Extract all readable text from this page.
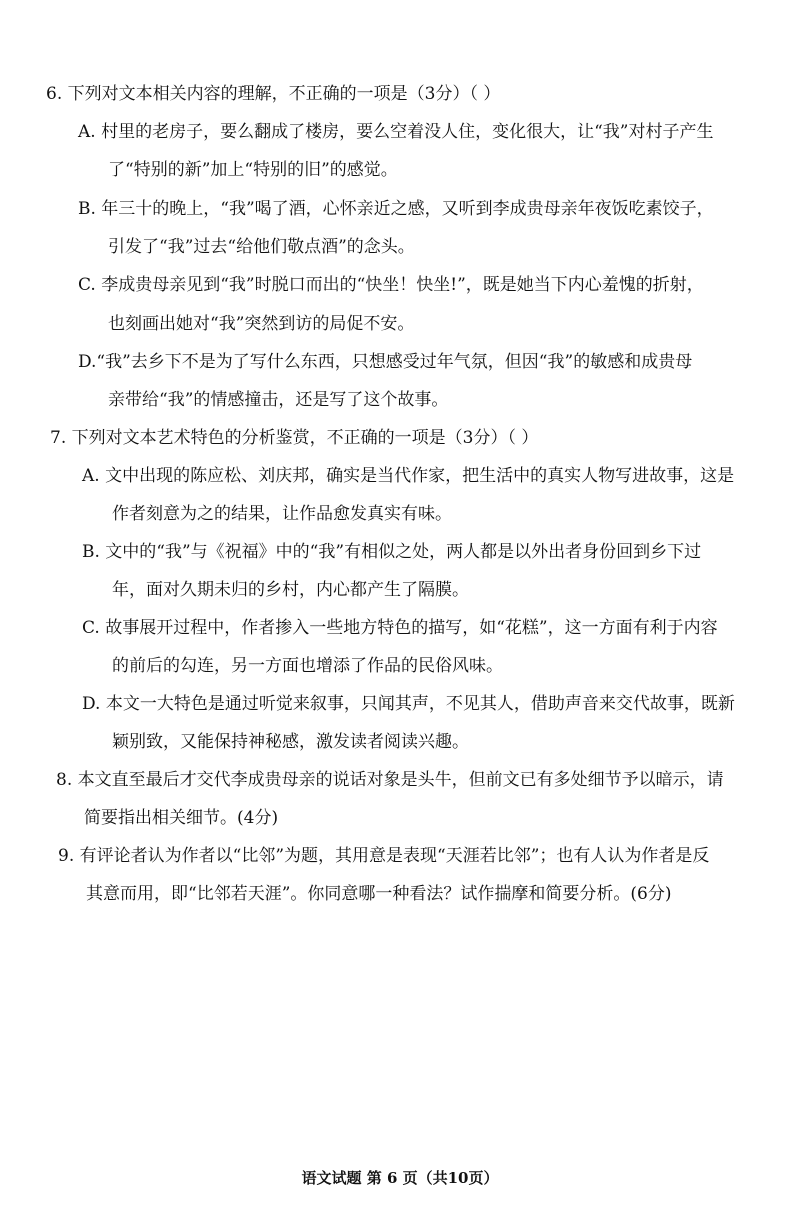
6. 下列对文本相关内容的理解，不正确的一项是（3分）（ ）
A. 村里的老房子，要么翻成了楼房，要么空着没人住，变化很大，让“我”对村子产生
了“特别的新”加上“特别的旧”的感觉。
B. 年三十的晚上，“我”喝了酒，心怀亲近之感，又听到李成贵母亲年夜饭吃素饺子，
引发了“我”过去“给他们敬点酒”的念头。
C. 李成贵母亲见到“我”时脱口而出的“快坐！快坐!”，既是她当下内心羞愧的折射，
也刻画出她对“我”突然到访的局促不安。
D.“我”去乡下不是为了写什么东西，只想感受过年气氛，但因“我”的敏感和成贵母
亲带给“我”的情感撞击，还是写了这个故事。
7. 下列对文本艺术特色的分析鉴赏，不正确的一项是（3分）（ ）
A. 文中出现的陈应松、刘庆邦，确实是当代作家，把生活中的真实人物写进故事，这是
作者刻意为之的结果，让作品愈发真实有味。
B. 文中的“我”与《祝福》中的“我”有相似之处，两人都是以外出者身份回到乡下过
年，面对久期未归的乡村，内心都产生了隔膜。
C. 故事展开过程中，作者掺入一些地方特色的描写，如“花糕”，这一方面有利于内容
的前后的勾连，另一方面也增添了作品的民俗风味。
D. 本文一大特色是通过听觉来叙事，只闻其声，不见其人，借助声音来交代故事，既新
颖别致，又能保持神秘感，激发读者阅读兴趣。
8. 本文直至最后才交代李成贵母亲的说话对象是头牛，但前文已有多处细节予以暗示，请
简要指出相关细节。(4分)
9. 有评论者认为作者以“比邻”为题，其用意是表现“天涯若比邻”；也有人认为作者是反
其意而用，即“比邻若天涯”。你同意哪一种看法？试作揣摩和简要分析。(6分)
语文试题 第 6 页（共10页）
